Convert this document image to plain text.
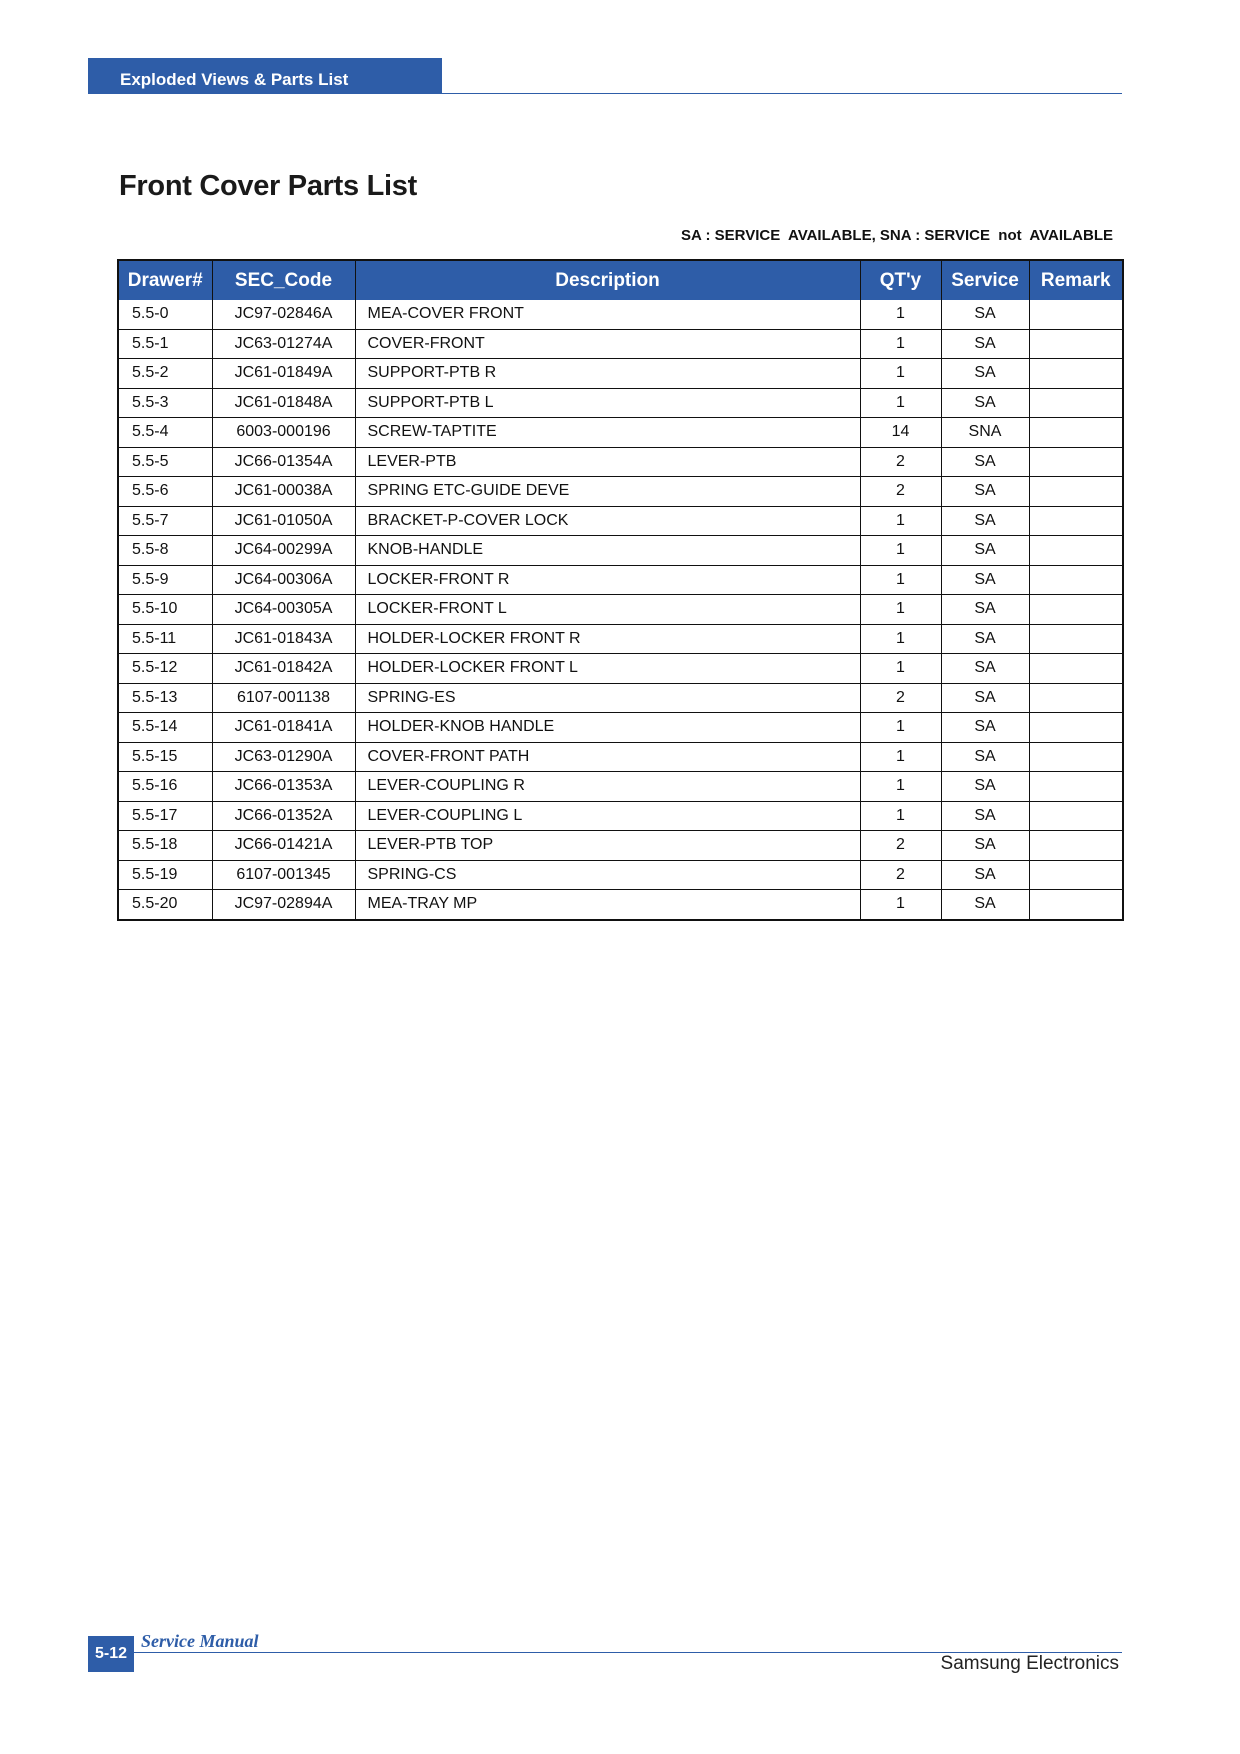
Exploded Views & Parts List
Front Cover Parts List
SA : SERVICE  AVAILABLE, SNA : SERVICE  not  AVAILABLE
Drawer#	SEC_Code	Description	QT'y	Service	Remark
5.5-0	JC97-02846A	MEA-COVER FRONT	1	SA	
5.5-1	JC63-01274A	COVER-FRONT	1	SA	
5.5-2	JC61-01849A	SUPPORT-PTB R	1	SA	
5.5-3	JC61-01848A	SUPPORT-PTB L	1	SA	
5.5-4	6003-000196	SCREW-TAPTITE	14	SNA	
5.5-5	JC66-01354A	LEVER-PTB	2	SA	
5.5-6	JC61-00038A	SPRING ETC-GUIDE DEVE	2	SA	
5.5-7	JC61-01050A	BRACKET-P-COVER LOCK	1	SA	
5.5-8	JC64-00299A	KNOB-HANDLE	1	SA	
5.5-9	JC64-00306A	LOCKER-FRONT R	1	SA	
5.5-10	JC64-00305A	LOCKER-FRONT L	1	SA	
5.5-11	JC61-01843A	HOLDER-LOCKER FRONT R	1	SA	
5.5-12	JC61-01842A	HOLDER-LOCKER FRONT L	1	SA	
5.5-13	6107-001138	SPRING-ES	2	SA	
5.5-14	JC61-01841A	HOLDER-KNOB HANDLE	1	SA	
5.5-15	JC63-01290A	COVER-FRONT PATH	1	SA	
5.5-16	JC66-01353A	LEVER-COUPLING R	1	SA	
5.5-17	JC66-01352A	LEVER-COUPLING L	1	SA	
5.5-18	JC66-01421A	LEVER-PTB TOP	2	SA	
5.5-19	6107-001345	SPRING-CS	2	SA	
5.5-20	JC97-02894A	MEA-TRAY MP	1	SA	
5-12
Service Manual
Samsung Electronics
